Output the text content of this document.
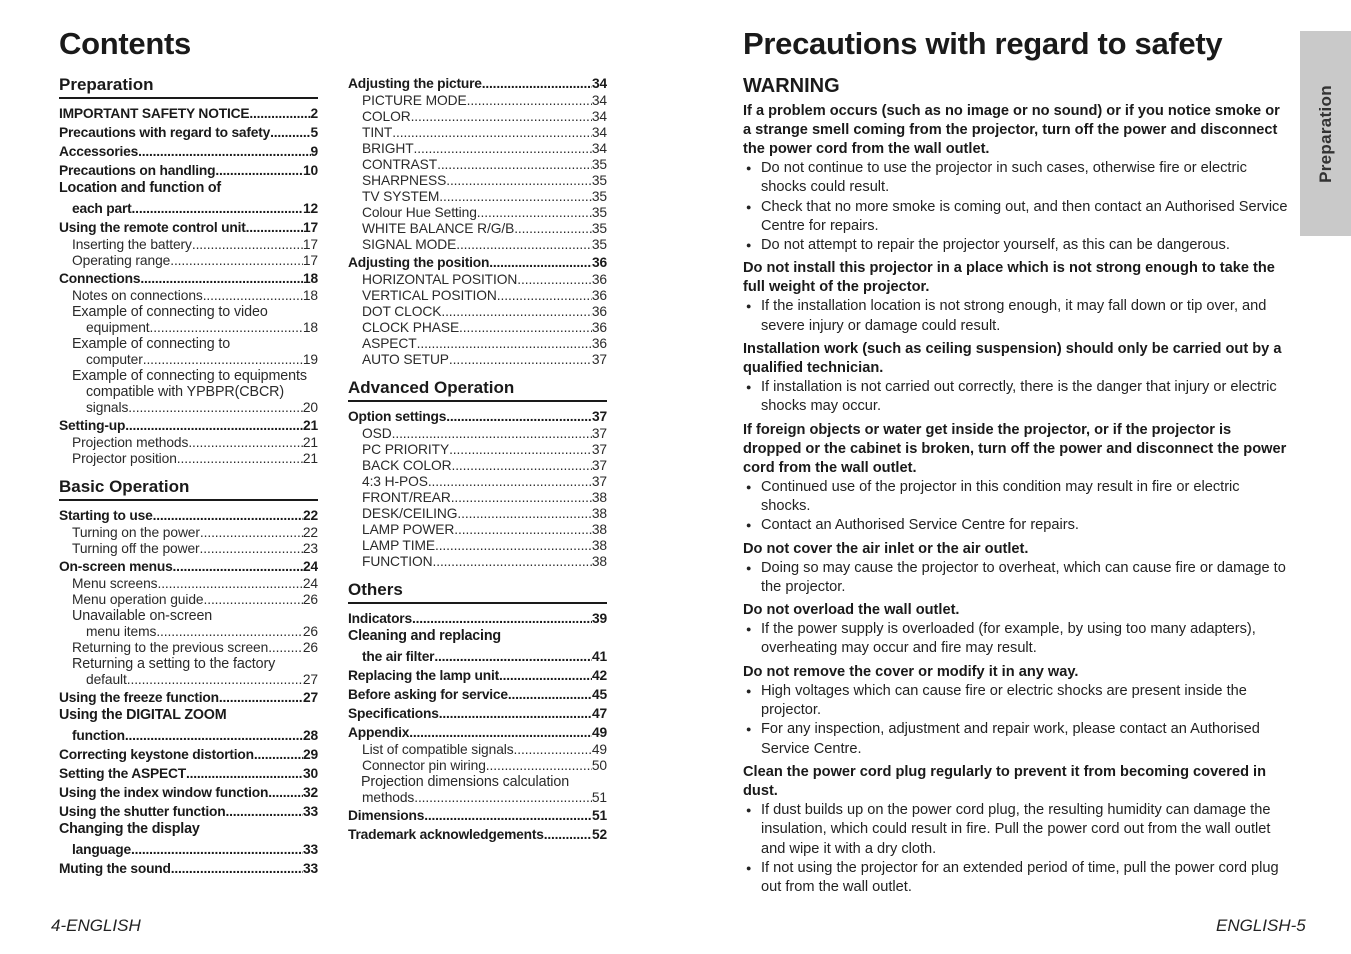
Contents	Precautions with regard to safety
Preparation
IMPORTANT SAFETY NOTICE .....	2
Precautions with regard to safety .....	5
Accessories .....	9
Precautions on handling .....	10
Location and function of
each part .....	12
Using the remote control unit .....	17
Inserting the battery .....	17
Operating range .....	17
Connections .....	18
Notes on connections .....	18
Example of connecting to video
equipment .....	18
Example of connecting to
computer .....	19
Example of connecting to equipments
compatible with YPBPR(CBCR)
signals .....	20
Setting-up .....	21
Projection methods .....	21
Projector position .....	21
Basic Operation
Starting to use .....	22
Turning on the power .....	22
Turning off the power .....	23
On-screen menus .....	24
Menu screens .....	24
Menu operation guide .....	26
Unavailable on-screen
menu items .....	26
Returning to the previous screen .....	26
Returning a setting to the factory
default .....	27
Using the freeze function .....	27
Using the DIGITAL ZOOM
function .....	28
Correcting keystone distortion .....	29
Setting the ASPECT .....	30
Using the index window function .....	32
Using the shutter function .....	33
Changing the display
language .....	33
Muting the sound .....	33
Adjusting the picture .....	34
PICTURE MODE .....	34
COLOR .....	34
TINT .....	34
BRIGHT .....	34
CONTRAST .....	35
SHARPNESS .....	35
TV SYSTEM .....	35
Colour Hue Setting .....	35
WHITE BALANCE R/G/B .....	35
SIGNAL MODE .....	35
Adjusting the position .....	36
HORIZONTAL POSITION .....	36
VERTICAL POSITION .....	36
DOT CLOCK .....	36
CLOCK PHASE .....	36
ASPECT .....	36
AUTO SETUP .....	37
Advanced Operation
Option settings .....	37
OSD .....	37
PC PRIORITY .....	37
BACK COLOR .....	37
4:3 H-POS .....	37
FRONT/REAR .....	38
DESK/CEILING .....	38
LAMP POWER .....	38
LAMP TIME .....	38
FUNCTION .....	38
Others
Indicators .....	39
Cleaning and replacing
the air filter .....	41
Replacing the lamp unit .....	42
Before asking for service .....	45
Specifications .....	47
Appendix .....	49
List of compatible signals .....	49
Connector pin wiring .....	50
Projection dimensions calculation
methods .....	51
Dimensions .....	51
Trademark acknowledgements .....	52
WARNING
If a problem occurs (such as no image or no sound) or if you notice smoke or a strange smell coming from the projector, turn off the power and disconnect the power cord from the wall outlet.
● Do not continue to use the projector in such cases, otherwise fire or electric shocks could result.
● Check that no more smoke is coming out, and then contact an Authorised Service Centre for repairs.
● Do not attempt to repair the projector yourself, as this can be dangerous.
Do not install this projector in a place which is not strong enough to take the full weight of the projector.
● If the installation location is not strong enough, it may fall down or tip over, and severe injury or damage could result.
Installation work (such as ceiling suspension) should only be carried out by a qualified technician.
● If installation is not carried out correctly, there is the danger that injury or electric shocks may occur.
If foreign objects or water get inside the projector, or if the projector is dropped or the cabinet is broken, turn off the power and disconnect the power cord from the wall outlet.
● Continued use of the projector in this condition may result in fire or electric shocks.
● Contact an Authorised Service Centre for repairs.
Do not cover the air inlet or the air outlet.
● Doing so may cause the projector to overheat, which can cause fire or damage to the projector.
Do not overload the wall outlet.
● If the power supply is overloaded (for example, by using too many adapters), overheating may occur and fire may result.
Do not remove the cover or modify it in any way.
● High voltages which can cause fire or electric shocks are present inside the projector.
● For any inspection, adjustment and repair work, please contact an Authorised Service Centre.
Clean the power cord plug regularly to prevent it from becoming covered in dust.
● If dust builds up on the power cord plug, the resulting humidity can damage the insulation, which could result in fire. Pull the power cord out from the wall outlet and wipe it with a dry cloth.
● If not using the projector for an extended period of time, pull the power cord plug out from the wall outlet.
Preparation
4-ENGLISH	ENGLISH-5
